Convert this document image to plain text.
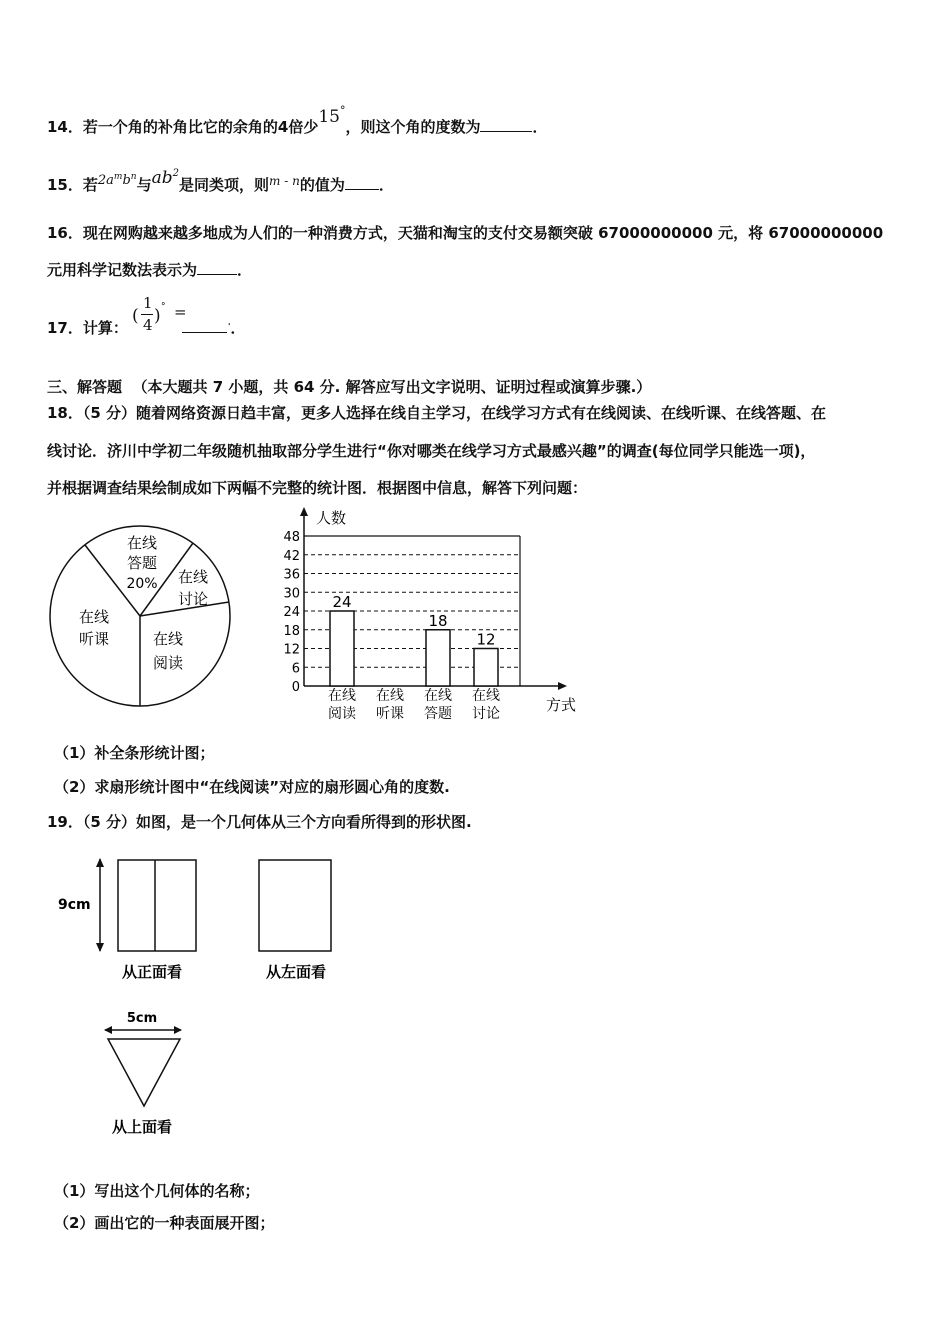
14．若一个角的补角比它的余角的4倍少15°，则这个角的度数为	．
15．若$2a^mb^n$与$ab^2$是同类项，则$^{m - n}$的值为 ．
16．现在网购越来越多地成为人们的一种消费方式，天猫和淘宝的支付交易额突破 67000000000 元，将 67000000000
元用科学记数法表示为	．
17．计算：
(
1
4 ) ° =
'．
三、解答题 （本大题共 7 小题，共 64 分. 解答应写出文字说明、证明过程或演算步骤.）
18．（5 分）随着网络资源日趋丰富，更多人选择在线自主学习，在线学习方式有在线阅读、在线听课、在线答题、在
线讨论．济川中学初二年级随机抽取部分学生进行“你对哪类在线学习方式最感兴趣”的调查(每位同学只能选一项)，
并根据调查结果绘制成如下两幅不完整的统计图．根据图中信息，解答下列问题：
在线
答题
20% 在线
讨论
在线
阅读
在线
听课
0
6
12
18
24
30
36
42
48
人数
方式
在线
阅读
24
在线
听课
在线
答题
18
在线
讨论
12
（1）补全条形统计图；
（2）求扇形统计图中“在线阅读”对应的扇形圆心角的度数.
19．（5 分）如图，是一个几何体从三个方向看所得到的形状图.
9cm
从正面看	从左面看
5cm
从上面看
（1）写出这个几何体的名称；
（2）画出它的一种表面展开图；
